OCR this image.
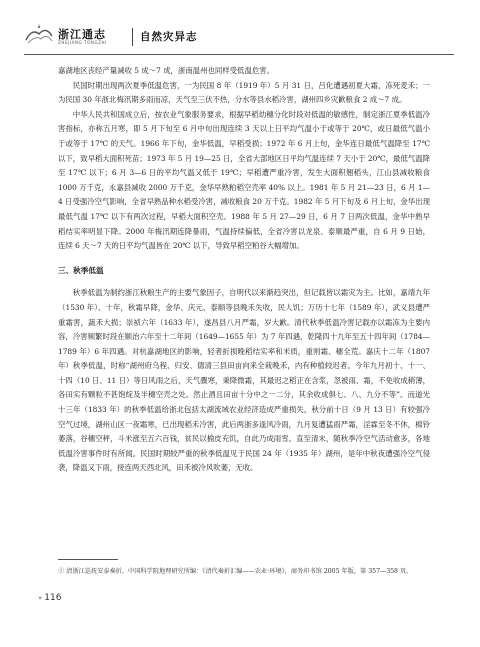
浙江通志
ZHEJIANG TONGZHI	自然灾异志

嘉湖地区丧经产量减收 5 成～7 成，浙南温州也同样受低温危害。

民国时期出现两次夏季低温危害，一为民国 8 年（1919 年）5 月 31 日，吕化遭遇初夏大霜，冻死麦禾；一为民国 30 年浙北梅汛期多雨而凉，天气至三伏不热，分水等县水稻冷害，湖州四乡灾歉粮食 2 成～7 成。

中华人民共和国成立后，按农业气象服务要求，根据早稻幼穗分化时段对低温的敏感性，制定浙江夏季低温冷害指标，亦称五月寒，即 5 月下旬至 6 月中旬出现连续 3 天以上日平均气温小于或等于 20℃，或日最低气温小于或等于 17℃ 的天气。1966 年下旬，金华低温，早稻受损；1972 年 6 月上旬，金华连日最低气温降至 17℃ 以下，致早稻大面积死苗；1973 年 5 月 19—25 日，全省大部地区日平均气温连续 7 天小于 20℃，最低气温降至 17℃ 以下；6 月 3—6 日的平均气温又低于 19℃；早稻遭严重冷害，发生大面积翘稻头，江山县减收粮食 1000 万千克，永嘉县减收 2000 万千克，金华早熟粕稻空壳率 40% 以上。1981 年 5 月 21—23 日，6 月 1—4 日受强冷空气影响，全省早熟品种水稻受冷害，减收粮食 20 万千克。1982 年 5 月下旬及 6 月上旬，金华出现最低气温 17℃ 以下有两次过程，早稻大面积空壳。1988 年 5 月 27—29 日，6 月 7 日两次低温，金华中熟早稻结实率明显下降。2000 年梅汛期连降暴雨，气温持续偏低，全省冷害以龙泉、泰顺最严重，自 6 月 9 日始，连续 6 天～7 天的日平均气温皆在 20℃ 以下，导致早稻空粕谷大幅增加。

三、秋季低温

秋季低温为制约浙江秋粮生产的主要气象因子，自明代以来渐趋突出，但记载皆以霜灾为主。比如，嘉靖九年（1530 年）、十年，秋霜早降，金华、庆元、泰顺等县晚禾失收，民人饥；万历十七年（1589 年），武义县遭严重霜害，蔬禾大损；崇祯六年（1633 年），遂昌县八月严霜，岁大歉。清代秋季低温冷害记载亦以霜冻为主要内容，冷害频繁时段在顺治六年至十二年间（1649—1655 年）为 7 年四遇，乾隆四十九年至五十四年间（1784—1789 年）6 年四遇。对杭嘉湖地区的影响，轻者折损晚稻结实率和米质，重则霜、穗全荒。嘉庆十二年（1807 年）秋季低温，时称“湖州府乌程、归安、德清三县田亩向来全栽晚禾，内有种植较迟者。今年九月初十、十一、十四（10 日、11 日）等日风雨之后，天气骤寒，秉降微霜，其最迟之稻正在含浆，忽被雨、霜，不免收成稍薄，各田实有颗粒不甚饱绽及半穗空壳之处。然止酒且田亩十分中之一二分，其余收成俱七、八、九分不等”。而道光十三年（1833 年）的秋季低温给浙北包括太湖流域农业经济造成严重损失，秋分前十日（9 月 13 日）有较强冷空气过境，湖州山区一夜霜寒，已出现稻禾冷害，此后两浙多逢风冷雨，九月复遭猛雨严霜，淫霖至冬不休，棉铃萎落，谷穗空秤，斗米涨至五六百钱，贫民以榆皮充饥，自此乃成雨雪。直至清末，随秋季冷空气活动愈多，各地低温冷害事件时有所闻。民国时期较严重的秋季低温见于民国 24 年（1935 年）湖州，是年中秋夜遭强冷空气侵袭，降温又下雨，接连两天西北风，田禾被冷风吹萎，无收。

① 清浙江巡抚安泰奏折，中国科学院地理研究所编：《清代奏折汇编——农业·环境》，商务印书馆 2005 年版，第 357—358 页。
» 116
